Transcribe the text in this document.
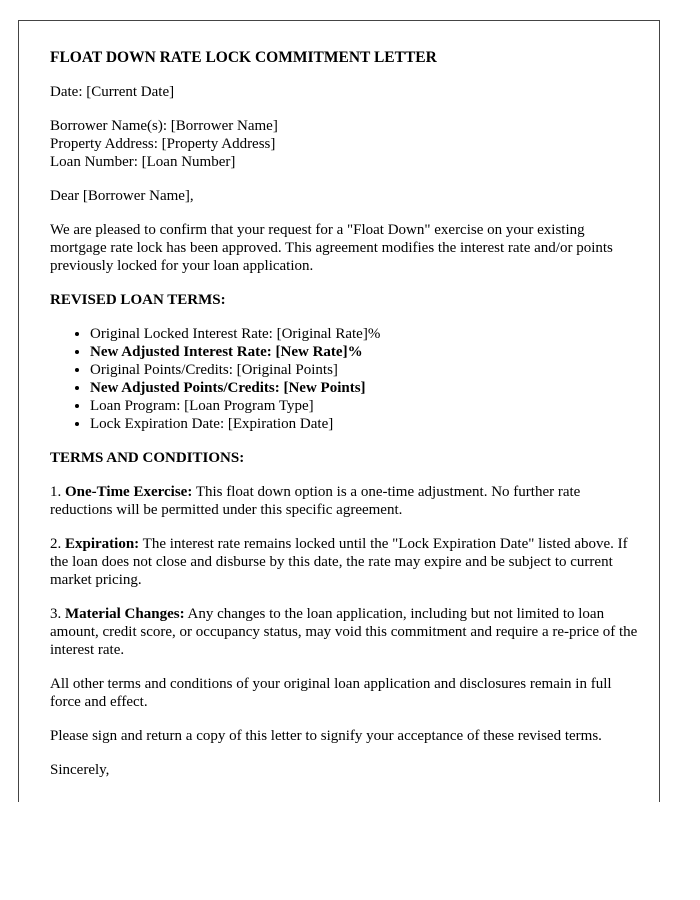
FLOAT DOWN RATE LOCK COMMITMENT LETTER

Date: [Current Date]

Borrower Name(s): [Borrower Name]
Property Address: [Property Address]
Loan Number: [Loan Number]

Dear [Borrower Name],

We are pleased to confirm that your request for a "Float Down" exercise on your existing mortgage rate lock has been approved. This agreement modifies the interest rate and/or points previously locked for your loan application.

REVISED LOAN TERMS:
• Original Locked Interest Rate: [Original Rate]%
• New Adjusted Interest Rate: [New Rate]%
• Original Points/Credits: [Original Points]
• New Adjusted Points/Credits: [New Points]
• Loan Program: [Loan Program Type]
• Lock Expiration Date: [Expiration Date]
TERMS AND CONDITIONS:

1. One-Time Exercise: This float down option is a one-time adjustment. No further rate reductions will be permitted under this specific agreement.

2. Expiration: The interest rate remains locked until the "Lock Expiration Date" listed above. If the loan does not close and disburse by this date, the rate may expire and be subject to current market pricing.

3. Material Changes: Any changes to the loan application, including but not limited to loan amount, credit score, or occupancy status, may void this commitment and require a re-price of the interest rate.

All other terms and conditions of your original loan application and disclosures remain in full force and effect.

Please sign and return a copy of this letter to signify your acceptance of these revised terms.

Sincerely,
